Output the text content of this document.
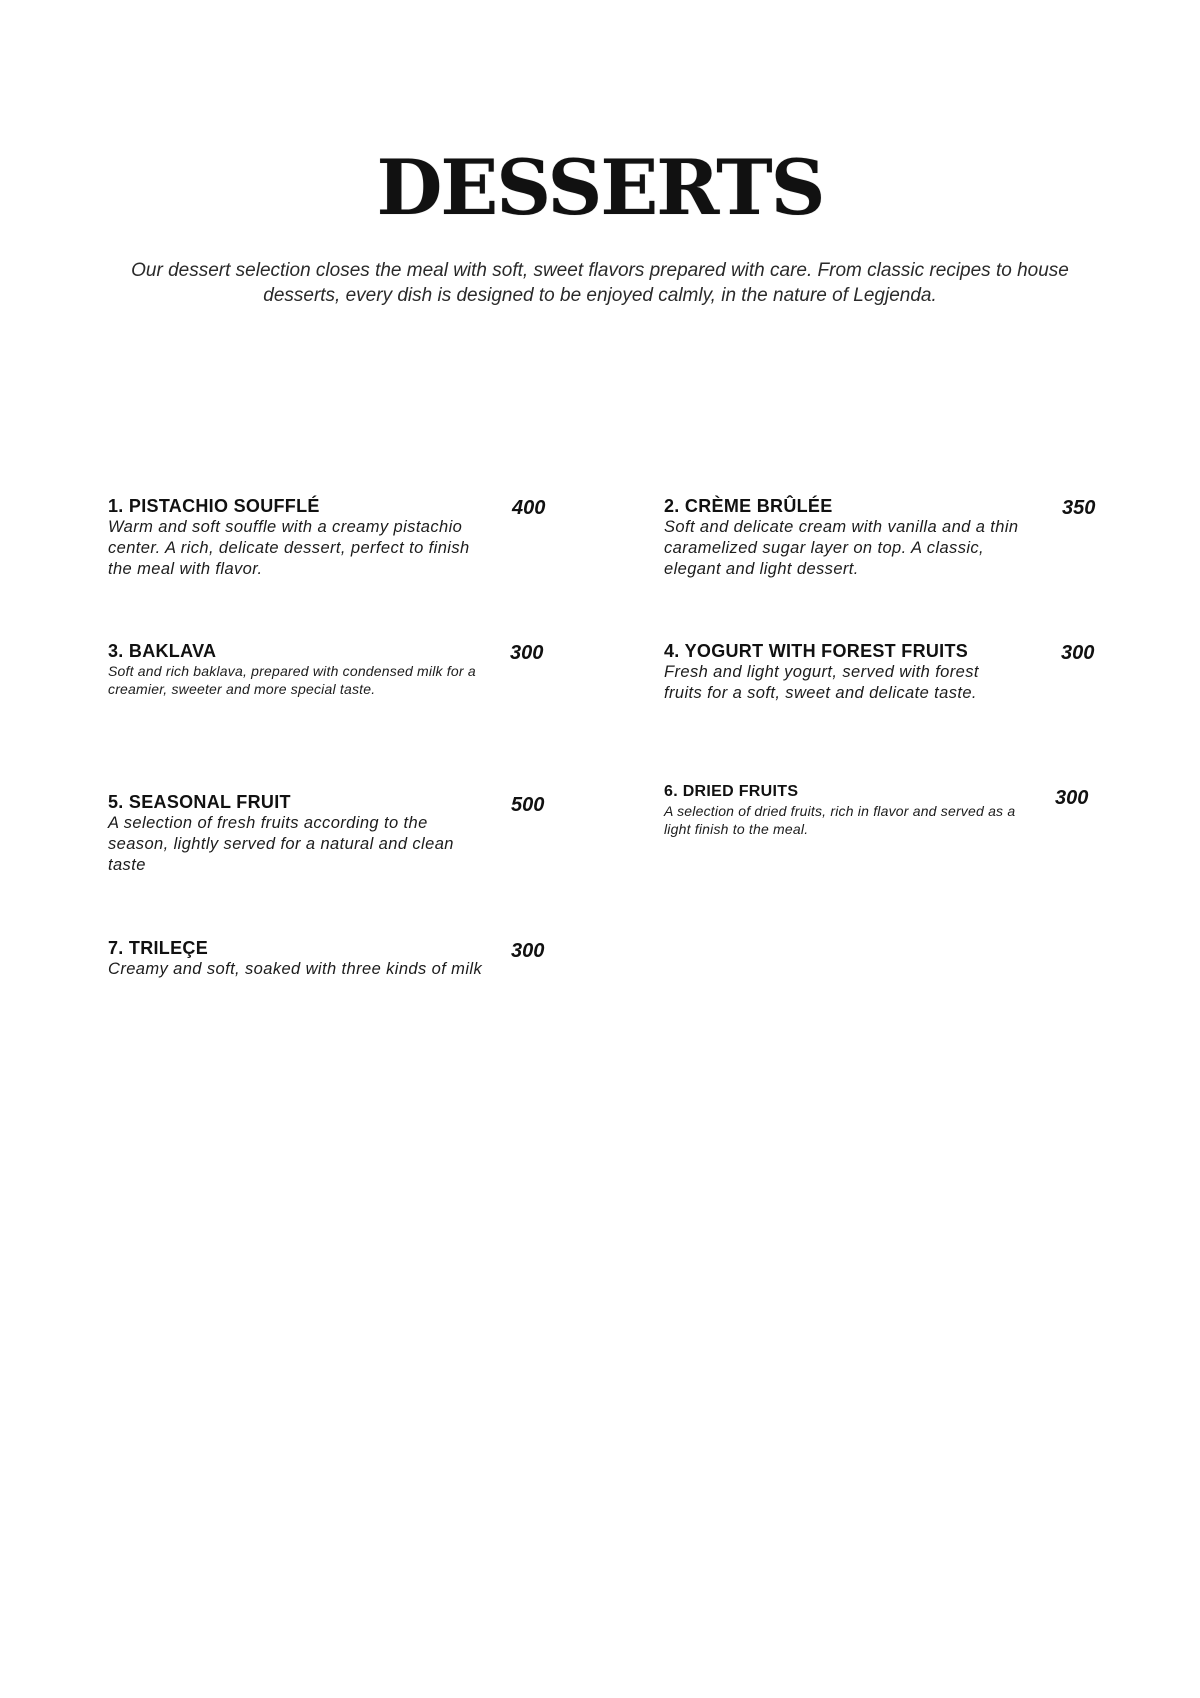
DESSERTS

Our dessert selection closes the meal with soft, sweet flavors prepared with care. From classic recipes to house desserts, every dish is designed to be enjoyed calmly, in the nature of Legjenda.

1. PISTACHIO SOUFFLÉ

Warm and soft souffle with a creamy pistachio center. A rich, delicate dessert, perfect to finish the meal with flavor.

400	2. CRÈME BRÛLÉE

Soft and delicate cream with vanilla and a thin caramelized sugar layer on top. A classic, elegant and light dessert.

350

3. BAKLAVA

Soft and rich baklava, prepared with condensed milk for a creamier, sweeter and more special taste.

300	4. YOGURT WITH FOREST FRUITS

Fresh and light yogurt, served with forest fruits for a soft, sweet and delicate taste.

300

5. SEASONAL FRUIT

A selection of fresh fruits according to the season, lightly served for a natural and clean taste

500

6. DRIED FRUITS

A selection of dried fruits, rich in flavor and served as a light finish to the meal.

300

7. TRILEÇE

Creamy and soft, soaked with three kinds of milk

300
